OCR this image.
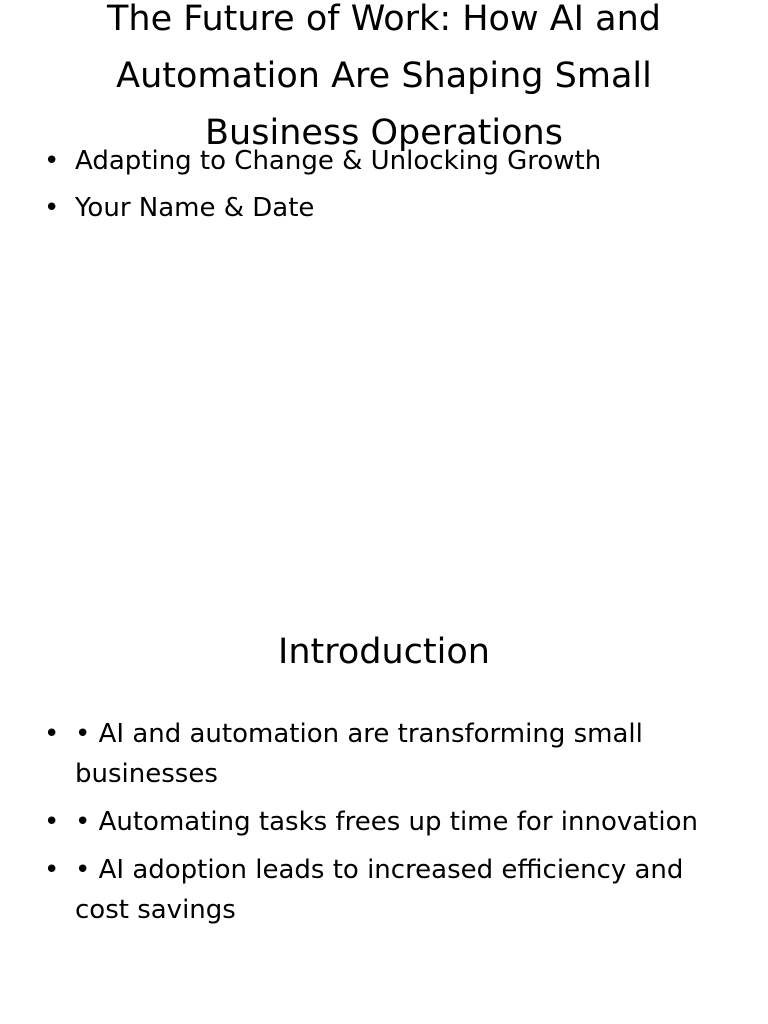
The Future of Work: How AI and Automation Are Shaping Small Business Operations
• Adapting to Change & Unlocking Growth
• Your Name & Date
Introduction
• • AI and automation are transforming small businesses
• • Automating tasks frees up time for innovation
• • AI adoption leads to increased efficiency and cost savings
